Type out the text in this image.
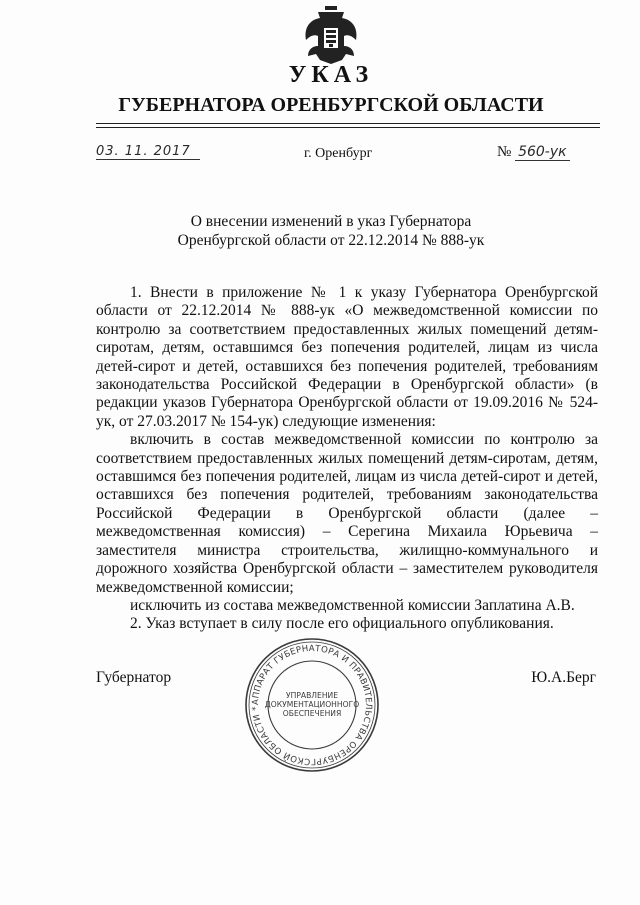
УКАЗ
ГУБЕРНАТОРА ОРЕНБУРГСКОЙ ОБЛАСТИ
03. 11. 2017	г. Оренбург	№ 560-ук
О внесении изменений в указ Губернатора
Оренбургской области от 22.12.2014 № 888-ук

1. Внести в приложение № 1 к указу Губернатора Оренбургской области от 22.12.2014 № 888-ук «О межведомственной комиссии по контролю за соответствием предоставленных жилых помещений детям-сиротам, детям, оставшимся без попечения родителей, лицам из числа детей-сирот и детей, оставшихся без попечения родителей, требованиям законодательства Российской Федерации в Оренбургской области» (в редакции указов Губернатора Оренбургской области от 19.09.2016 № 524-ук, от 27.03.2017 № 154-ук) следующие изменения:

включить в состав межведомственной комиссии по контролю за соответствием предоставленных жилых помещений детям-сиротам, детям, оставшимся без попечения родителей, лицам из числа детей-сирот и детей, оставшихся без попечения родителей, требованиям законодательства Российской Федерации в Оренбургской области (далее – межведомственная комиссия) – Серегина Михаила Юрьевича – заместителя министра строительства, жилищно-коммунального и дорожного хозяйства Оренбургской области – заместителем руководителя межведомственной комиссии;

исключить из состава межведомственной комиссии Заплатина А.В.

2. Указ вступает в силу после его официального опубликования.

Губернатор	Ю.А.Берг
АППАРАТ ГУБЕРНАТОРА И ПРАВИТЕЛЬСТВА ОРЕНБУРГСКОЙ ОБЛАСТИ *
УПРАВЛЕНИЕ
ДОКУМЕНТАЦИОННОГО
ОБЕСПЕЧЕНИЯ
